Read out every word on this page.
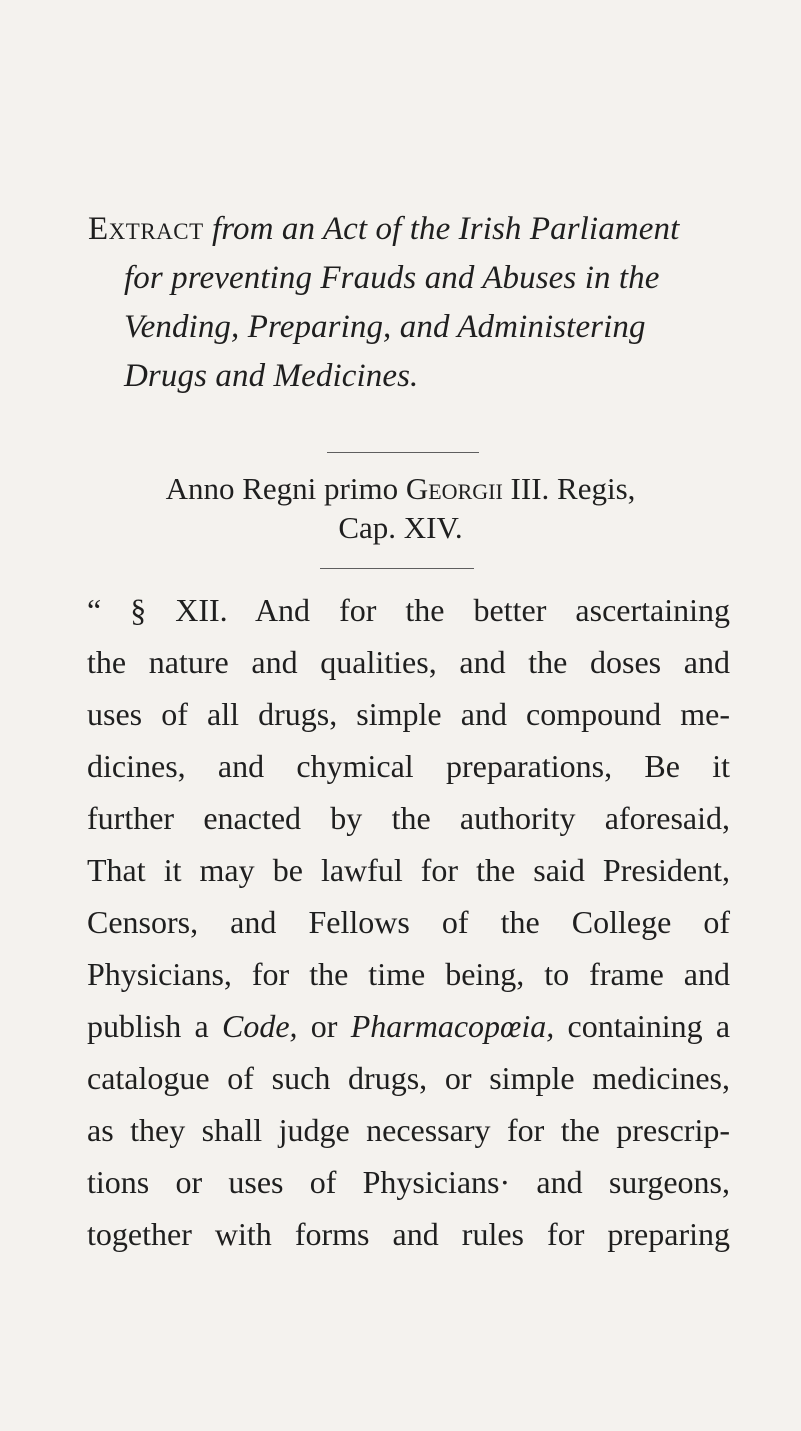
Extract from an Act of the Irish Parliament
for preventing Frauds and Abuses in the
Vending, Preparing, and Administering
Drugs and Medicines.
Anno Regni primo Georgii III. Regis,
Cap. XIV.
“ § XII. And for the better ascertaining
the nature and qualities, and the doses and
uses of all drugs, simple and compound me-
dicines, and chymical preparations, Be it
further enacted by the authority aforesaid,
That it may be lawful for the said President,
Censors, and Fellows of the College of
Physicians, for the time being, to frame and
publish a Code, or Pharmacopœia, containing a
catalogue of such drugs, or simple medicines,
as they shall judge necessary for the prescrip-
tions or uses of Physicians· and surgeons,
together with forms and rules for preparing
